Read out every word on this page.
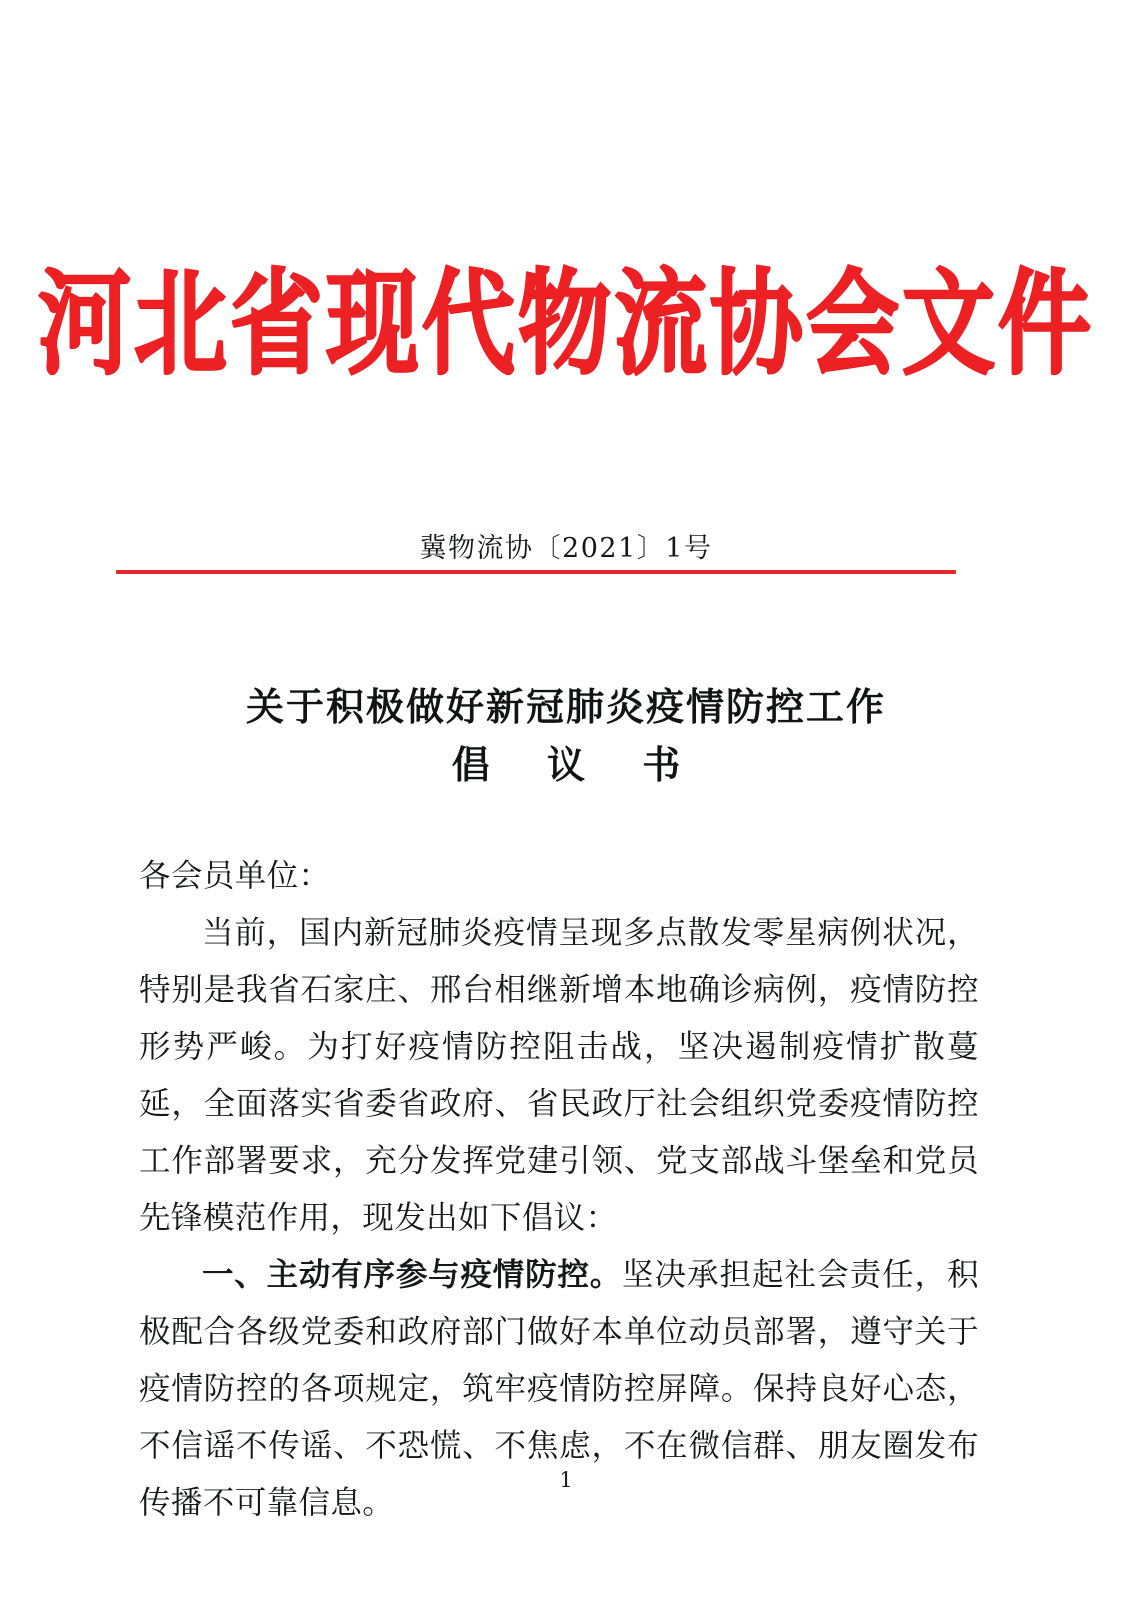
河北省现代物流协会文件
冀物流协〔2021〕1号
关于积极做好新冠肺炎疫情防控工作
倡 议 书

各会员单位：

当前，国内新冠肺炎疫情呈现多点散发零星病例状况，特别是我省石家庄、邢台相继新增本地确诊病例，疫情防控形势严峻。为打好疫情防控阻击战，坚决遏制疫情扩散蔓延，全面落实省委省政府、省民政厅社会组织党委疫情防控工作部署要求，充分发挥党建引领、党支部战斗堡垒和党员先锋模范作用，现发出如下倡议：

一、主动有序参与疫情防控。坚决承担起社会责任，积极配合各级党委和政府部门做好本单位动员部署，遵守关于疫情防控的各项规定，筑牢疫情防控屏障。保持良好心态，不信谣不传谣、不恐慌、不焦虑，不在微信群、朋友圈发布传播不可靠信息。

1
